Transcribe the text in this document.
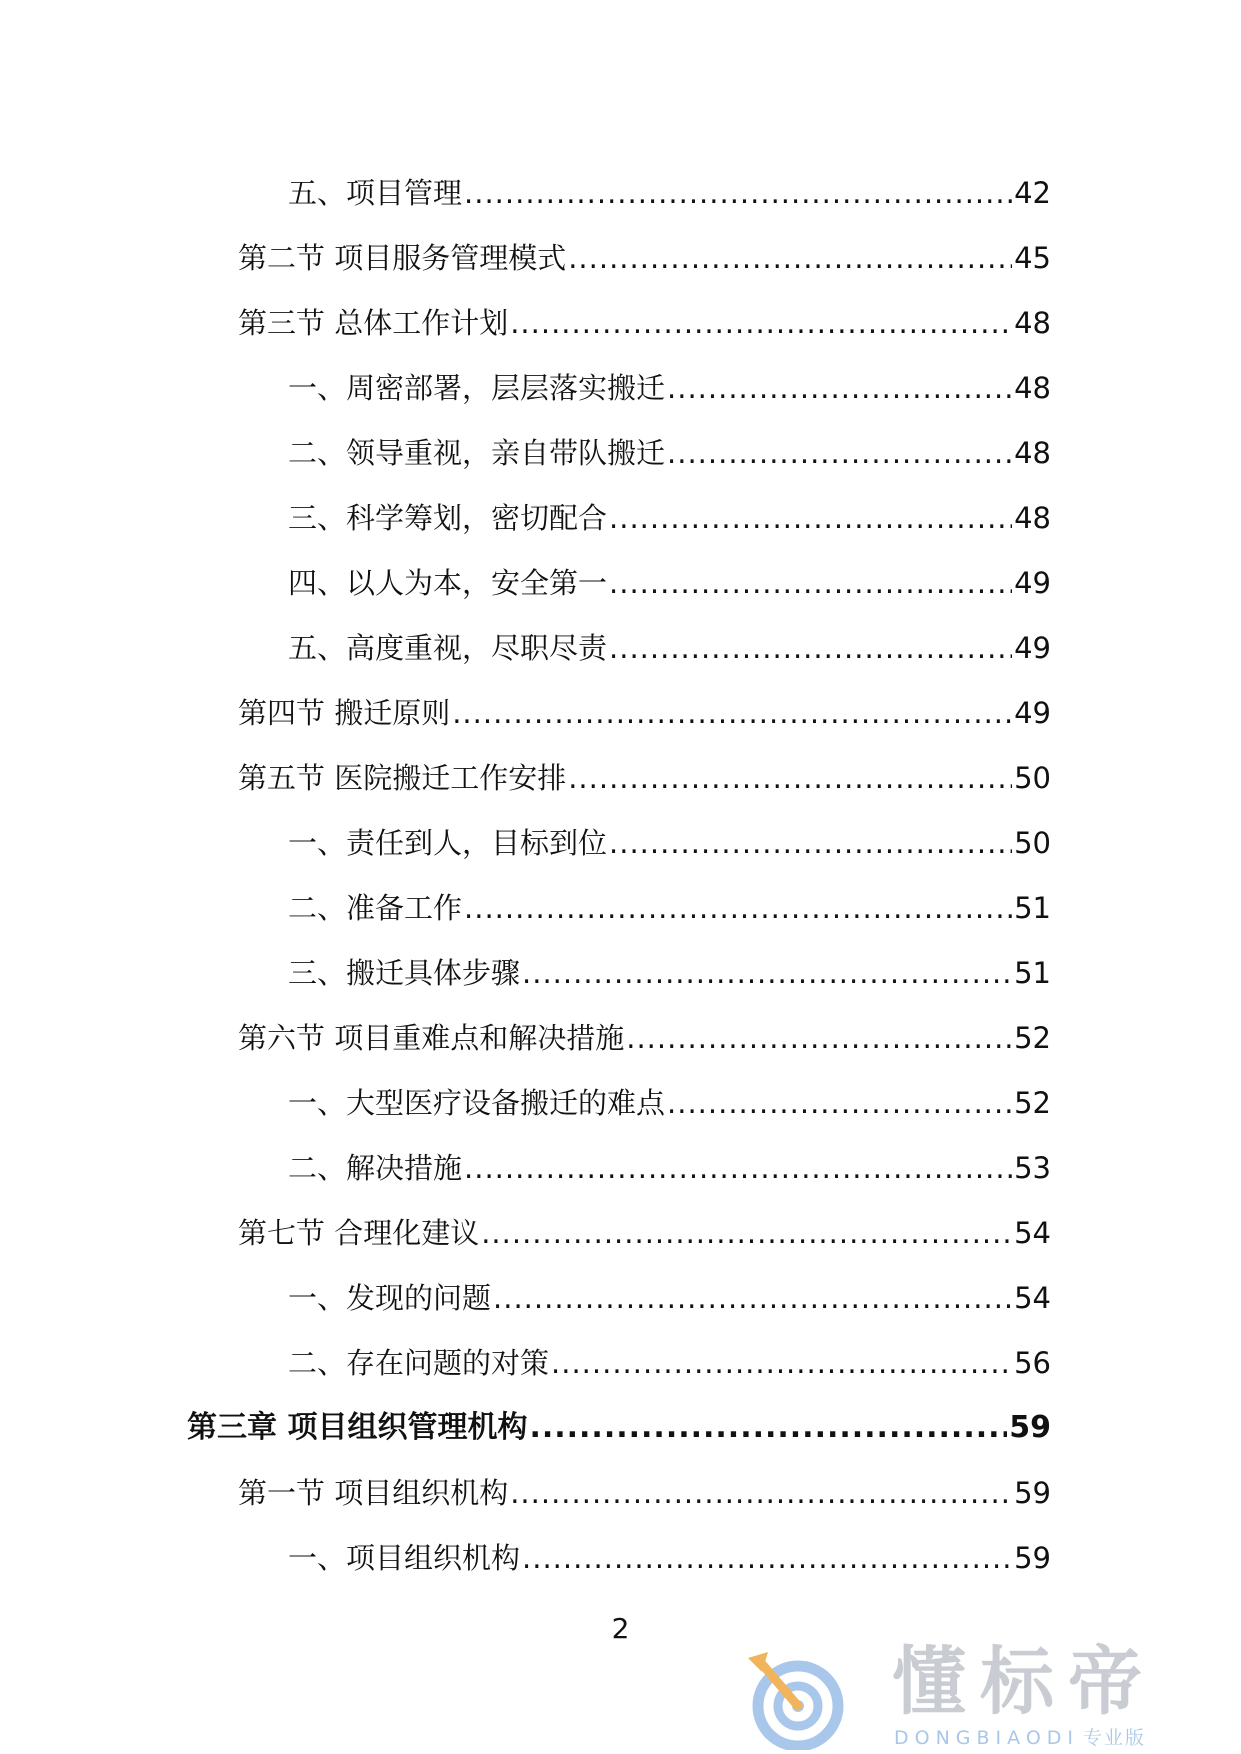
五、项目管理 .....	42
第二节 项目服务管理模式 .....	45
第三节 总体工作计划 .....	48
一、周密部署，层层落实搬迁 .....	48
二、领导重视，亲自带队搬迁 .....	48
三、科学筹划，密切配合 .....	48
四、以人为本，安全第一 .....	49
五、高度重视，尽职尽责 .....	49
第四节 搬迁原则 .....	49
第五节 医院搬迁工作安排 .....	50
一、责任到人，目标到位 .....	50
二、准备工作 .....	51
三、搬迁具体步骤 .....	51
第六节 项目重难点和解决措施 .....	52
一、大型医疗设备搬迁的难点 .....	52
二、解决措施 .....	53
第七节 合理化建议 .....	54
一、发现的问题 .....	54
二、存在问题的对策 .....	56
第三章 项目组织管理机构 .....	59
第一节 项目组织机构 .....	59
一、项目组织机构 .....	59
2
懂标帝
DONGBIAODI 专业版
